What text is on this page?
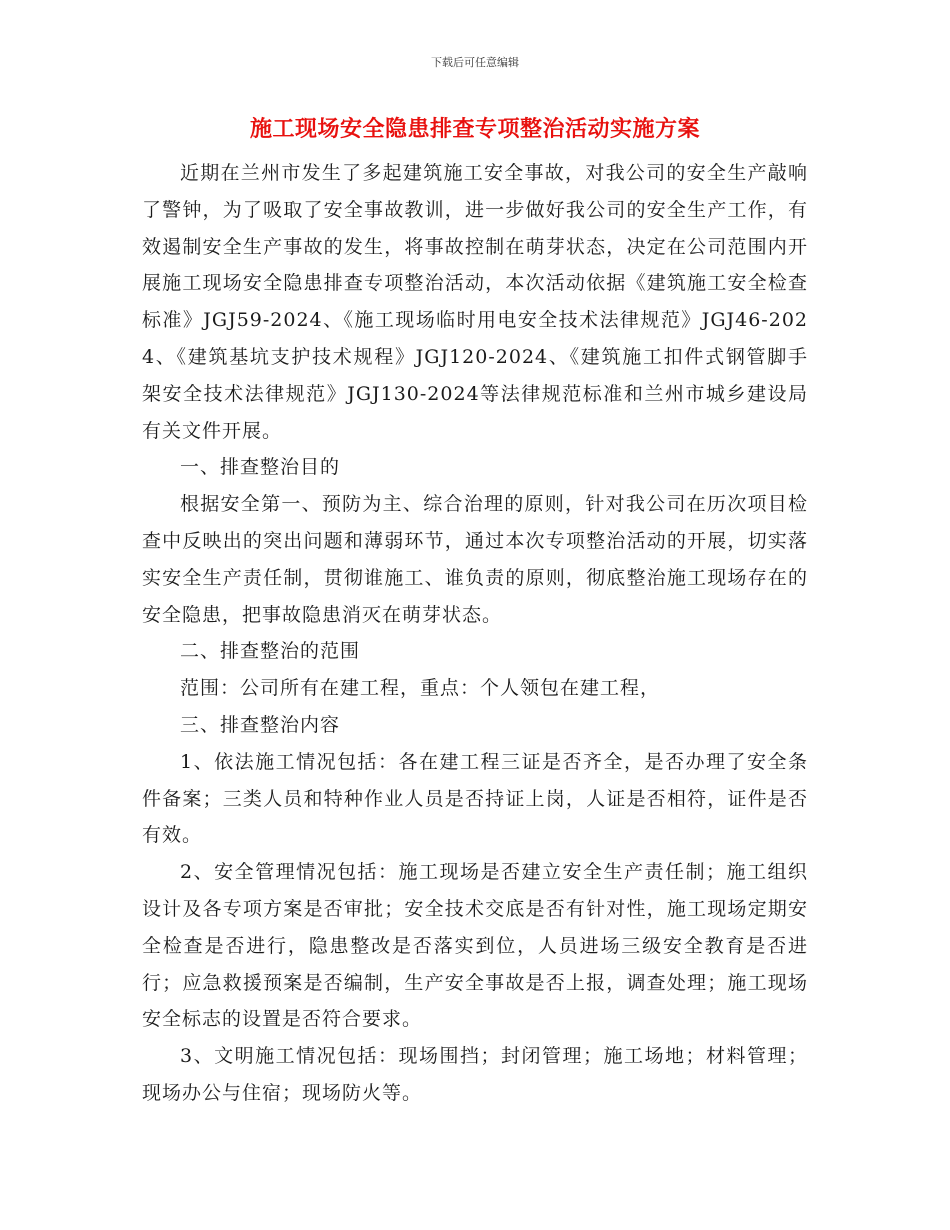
下载后可任意编辑
施工现场安全隐患排查专项整治活动实施方案

近期在兰州市发生了多起建筑施工安全事故，对我公司的安全生产敲响了警钟，为了吸取了安全事故教训，进一步做好我公司的安全生产工作，有效遏制安全生产事故的发生，将事故控制在萌芽状态，决定在公司范围内开展施工现场安全隐患排查专项整治活动，本次活动依据《建筑施工安全检查标准》JGJ59-2024、《施工现场临时用电安全技术法律规范》JGJ46-2024、《建筑基坑支护技术规程》JGJ120-2024、《建筑施工扣件式钢管脚手架安全技术法律规范》JGJ130-2024等法律规范标准和兰州市城乡建设局有关文件开展。

一、排查整治目的

根据安全第一、预防为主、综合治理的原则，针对我公司在历次项目检查中反映出的突出问题和薄弱环节，通过本次专项整治活动的开展，切实落实安全生产责任制，贯彻谁施工、谁负责的原则，彻底整治施工现场存在的安全隐患，把事故隐患消灭在萌芽状态。

二、排查整治的范围

范围：公司所有在建工程，重点：个人领包在建工程，

三、排查整治内容

1、依法施工情况包括：各在建工程三证是否齐全，是否办理了安全条件备案；三类人员和特种作业人员是否持证上岗，人证是否相符，证件是否有效。

2、安全管理情况包括：施工现场是否建立安全生产责任制；施工组织设计及各专项方案是否审批；安全技术交底是否有针对性，施工现场定期安全检查是否进行，隐患整改是否落实到位，人员进场三级安全教育是否进行；应急救援预案是否编制，生产安全事故是否上报，调查处理；施工现场安全标志的设置是否符合要求。

3、文明施工情况包括：现场围挡；封闭管理；施工场地；材料管理；现场办公与住宿；现场防火等。
